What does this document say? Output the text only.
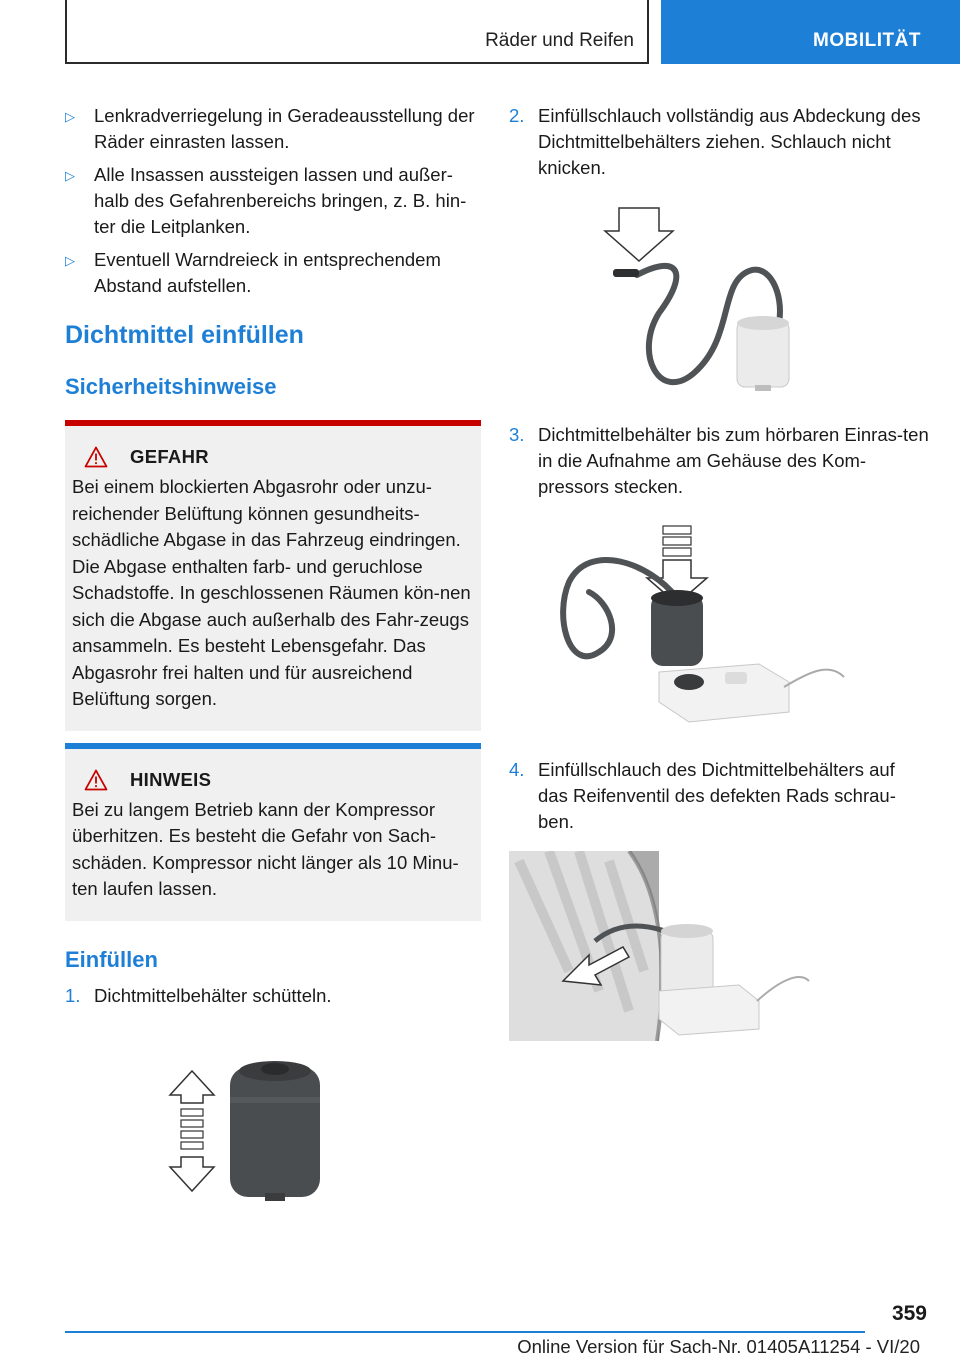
Räder und Reifen	MOBILITÄT
▷ Lenkradverriegelung in Geradeausstellung der Räder einrasten lassen.
▷ Alle Insassen aussteigen lassen und außer-halb des Gefahrenbereichs bringen, z. B. hin-ter die Leitplanken.
▷ Eventuell Warndreieck in entsprechendem Abstand aufstellen.
Dichtmittel einfüllen
Sicherheitshinweise
GEFAHR
Bei einem blockierten Abgasrohr oder unzu-reichender Belüftung können gesundheits-schädliche Abgase in das Fahrzeug eindringen. Die Abgase enthalten farb- und geruchlose Schadstoffe. In geschlossenen Räumen kön-nen sich die Abgase auch außerhalb des Fahr-zeugs ansammeln. Es besteht Lebensgefahr. Das Abgasrohr frei halten und für ausreichend Belüftung sorgen.
HINWEIS
Bei zu langem Betrieb kann der Kompressor überhitzen. Es besteht die Gefahr von Sach-schäden. Kompressor nicht länger als 10 Minu-ten laufen lassen.
Einfüllen
1. Dichtmittelbehälter schütteln.
2. Einfüllschlauch vollständig aus Abdeckung des Dichtmittelbehälters ziehen. Schlauch nicht knicken.
3. Dichtmittelbehälter bis zum hörbaren Einras-ten in die Aufnahme am Gehäuse des Kom-pressors stecken.
4. Einfüllschlauch des Dichtmittelbehälters auf das Reifenventil des defekten Rads schrau-ben.
359
Online Version für Sach-Nr. 01405A11254 - VI/20
